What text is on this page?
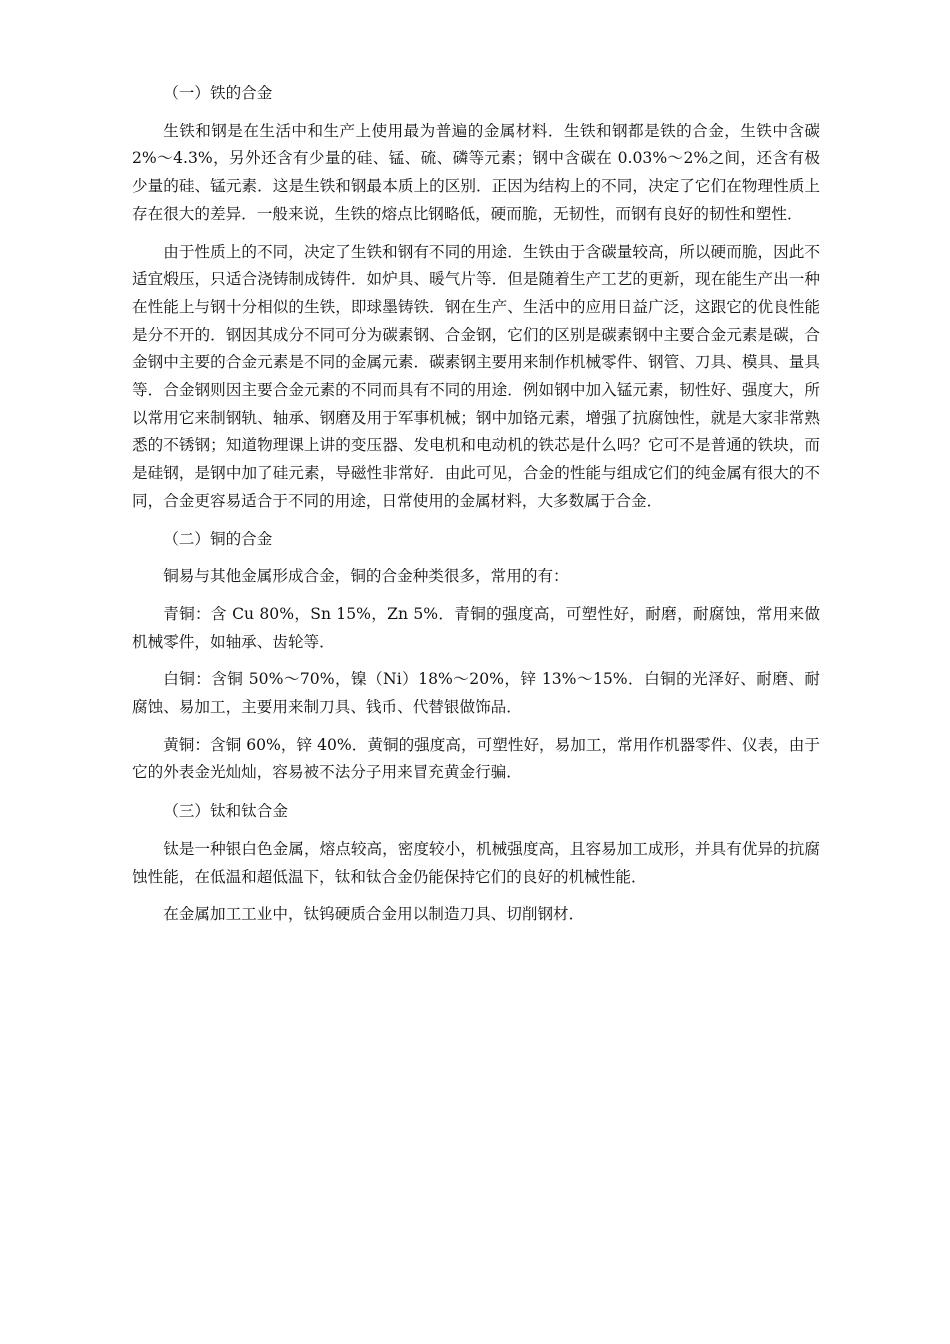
（一）铁的合金

生铁和钢是在生活中和生产上使用最为普遍的金属材料．生铁和钢都是铁的合金，生铁中含碳 2%～4.3%，另外还含有少量的硅、锰、硫、磷等元素；钢中含碳在 0.03%～2%之间，还含有极少量的硅、锰元素．这是生铁和钢最本质上的区别．正因为结构上的不同，决定了它们在物理性质上存在很大的差异．一般来说，生铁的熔点比钢略低，硬而脆，无韧性，而钢有良好的韧性和塑性．

由于性质上的不同，决定了生铁和钢有不同的用途．生铁由于含碳量较高，所以硬而脆，因此不适宜煅压，只适合浇铸制成铸件．如炉具、暖气片等．但是随着生产工艺的更新，现在能生产出一种在性能上与钢十分相似的生铁，即球墨铸铁．钢在生产、生活中的应用日益广泛，这跟它的优良性能是分不开的．钢因其成分不同可分为碳素钢、合金钢，它们的区别是碳素钢中主要合金元素是碳，合金钢中主要的合金元素是不同的金属元素．碳素钢主要用来制作机械零件、钢管、刀具、模具、量具等．合金钢则因主要合金元素的不同而具有不同的用途．例如钢中加入锰元素，韧性好、强度大，所以常用它来制钢轨、轴承、钢磨及用于军事机械；钢中加铬元素，增强了抗腐蚀性，就是大家非常熟悉的不锈钢；知道物理课上讲的变压器、发电机和电动机的铁芯是什么吗？它可不是普通的铁块，而是硅钢，是钢中加了硅元素，导磁性非常好．由此可见，合金的性能与组成它们的纯金属有很大的不同，合金更容易适合于不同的用途，日常使用的金属材料，大多数属于合金．

（二）铜的合金

铜易与其他金属形成合金，铜的合金种类很多，常用的有：

青铜：含 Cu 80%，Sn 15%，Zn 5%．青铜的强度高，可塑性好，耐磨，耐腐蚀，常用来做机械零件，如轴承、齿轮等．

白铜：含铜 50%～70%，镍（Ni）18%～20%，锌 13%～15%．白铜的光泽好、耐磨、耐腐蚀、易加工，主要用来制刀具、钱币、代替银做饰品．

黄铜：含铜 60%，锌 40%．黄铜的强度高，可塑性好，易加工，常用作机器零件、仪表，由于它的外表金光灿灿，容易被不法分子用来冒充黄金行骗．

（三）钛和钛合金

钛是一种银白色金属，熔点较高，密度较小，机械强度高，且容易加工成形，并具有优异的抗腐蚀性能，在低温和超低温下，钛和钛合金仍能保持它们的良好的机械性能．

在金属加工工业中，钛钨硬质合金用以制造刀具、切削钢材．
